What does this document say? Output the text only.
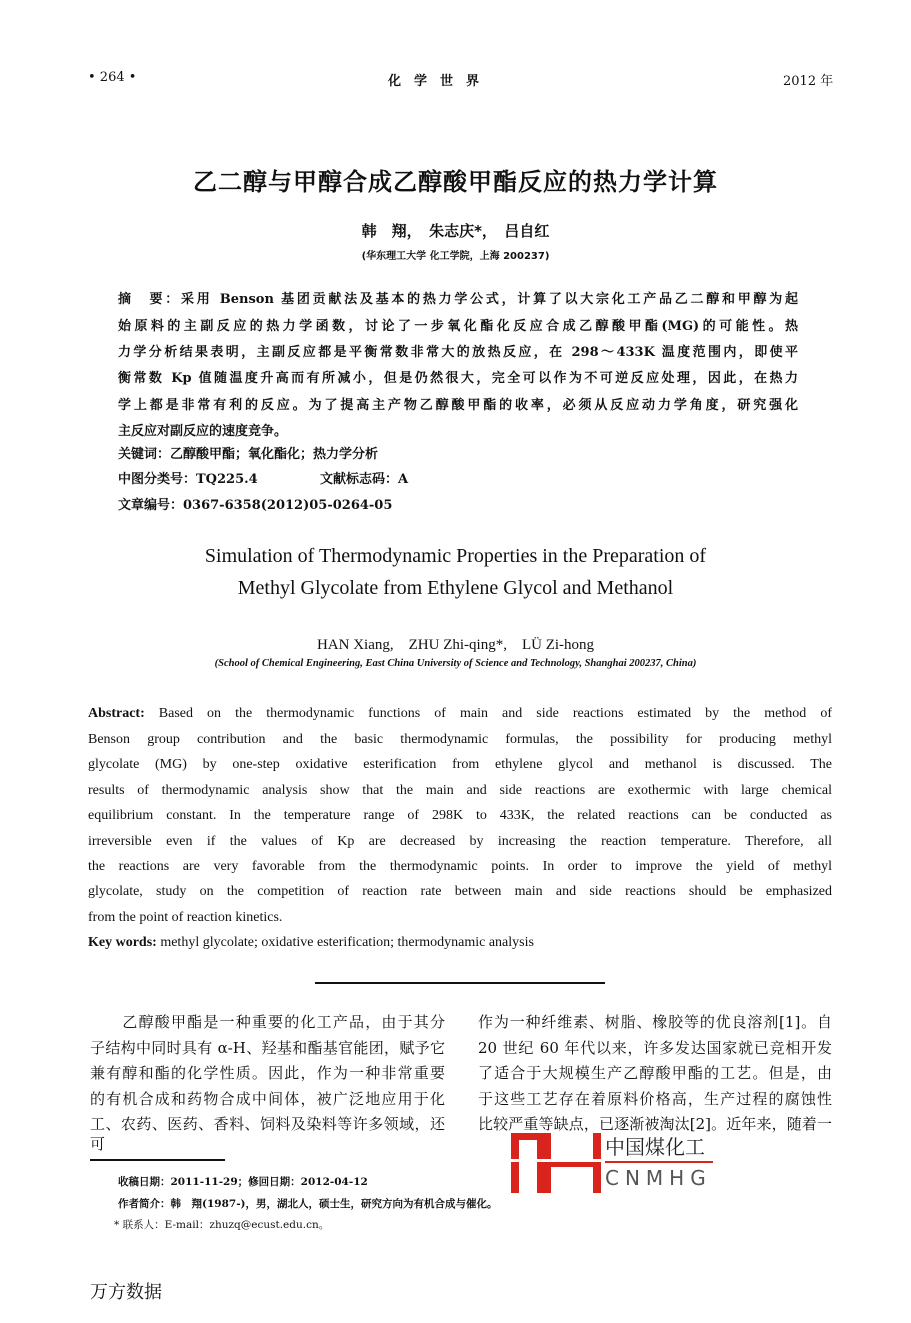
• 264 •	化　学　世　界	2012 年
乙二醇与甲醇合成乙醇酸甲酯反应的热力学计算
韩　翔，　朱志庆*，　吕自红
(华东理工大学 化工学院，上海 200237)
摘　要：采用 Benson 基团贡献法及基本的热力学公式，计算了以大宗化工产品乙二醇和甲醇为起
始原料的主副反应的热力学函数，讨论了一步氧化酯化反应合成乙醇酸甲酯(MG)的可能性。热
力学分析结果表明，主副反应都是平衡常数非常大的放热反应，在 298～433K 温度范围内，即使平
衡常数 Kp 值随温度升高而有所减小，但是仍然很大，完全可以作为不可逆反应处理，因此，在热力
学上都是非常有利的反应。为了提高主产物乙醇酸甲酯的收率，必须从反应动力学角度，研究强化
主反应对副反应的速度竞争。
关键词：乙醇酸甲酯；氧化酯化；热力学分析
中图分类号：TQ225.4	文献标志码：A
文章编号：0367-6358(2012)05-0264-05
Simulation of Thermodynamic Properties in the Preparation of
Methyl Glycolate from Ethylene Glycol and Methanol
HAN Xiang,　ZHU Zhi-qing*,　LÜ Zi-hong
(School of Chemical Engineering, East China University of Science and Technology, Shanghai 200237, China)
Abstract: Based on the thermodynamic functions of main and side reactions estimated by the method of
Benson group contribution and the basic thermodynamic formulas, the possibility for producing methyl
glycolate (MG) by one-step oxidative esterification from ethylene glycol and methanol is discussed. The
results of thermodynamic analysis show that the main and side reactions are exothermic with large chemical
equilibrium constant. In the temperature range of 298K to 433K, the related reactions can be conducted as
irreversible even if the values of Kp are decreased by increasing the reaction temperature. Therefore, all
the reactions are very favorable from the thermodynamic points. In order to improve the yield of methyl
glycolate, study on the competition of reaction rate between main and side reactions should be emphasized
from the point of reaction kinetics.
Key words: methyl glycolate; oxidative esterification; thermodynamic analysis
　　乙醇酸甲酯是一种重要的化工产品，由于其分
子结构中同时具有 α-H、羟基和酯基官能团，赋予它
兼有醇和酯的化学性质。因此，作为一种非常重要
的有机合成和药物合成中间体，被广泛地应用于化
工、农药、医药、香料、饲料及染料等许多领域，还可
作为一种纤维素、树脂、橡胶等的优良溶剂[1]。自
20 世纪 60 年代以来，许多发达国家就已竞相开发
了适合于大规模生产乙醇酸甲酯的工艺。但是，由
于这些工艺存在着原料价格高，生产过程的腐蚀性
比较严重等缺点，已逐渐被淘汰[2]。近年来，随着一
收稿日期：2011-11-29；修回日期：2012-04-12
作者简介：韩　翔(1987-)，男，湖北人，硕士生，研究方向为有机合成与催化。
* 联系人：E-mail：zhuzq@ecust.edu.cn。
中国煤化工
CNMHG
万方数据
